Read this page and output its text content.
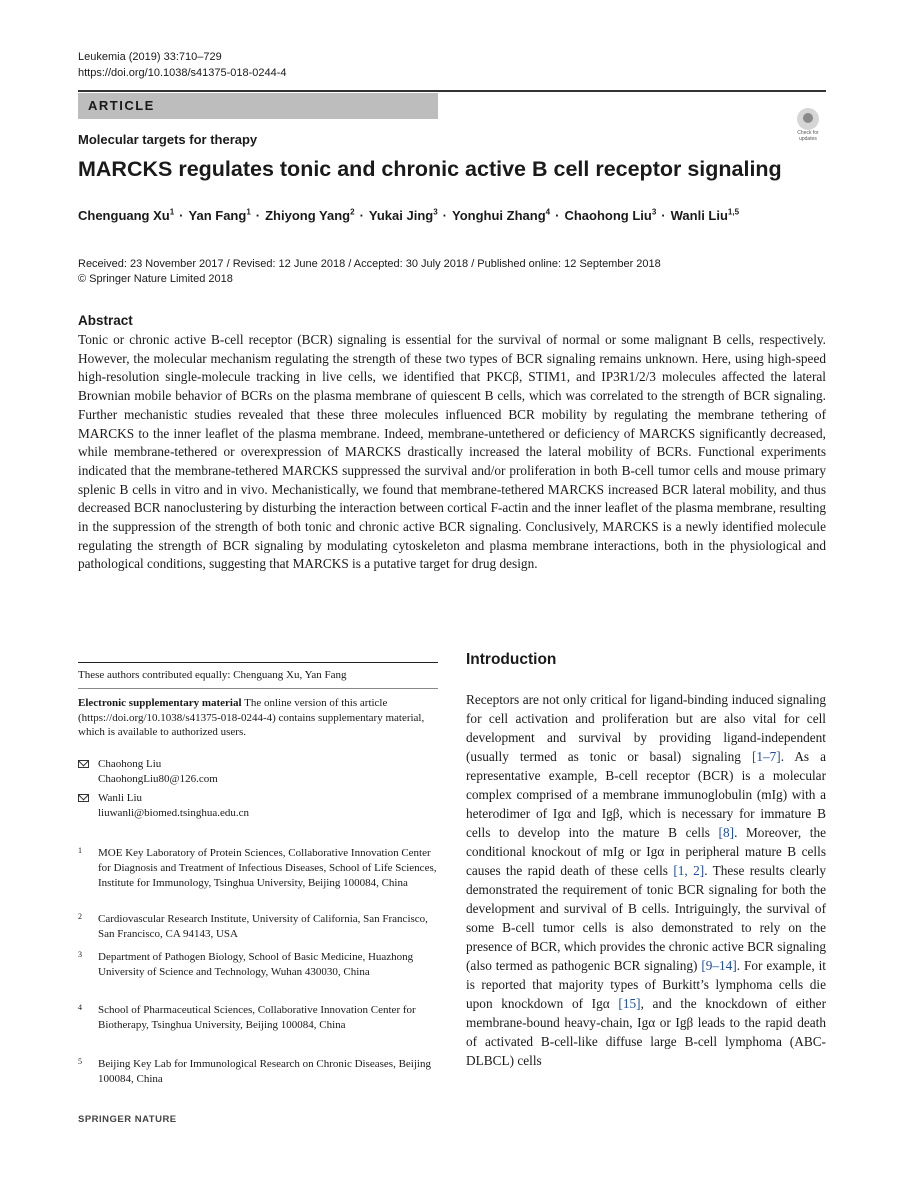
Leukemia (2019) 33:710–729
https://doi.org/10.1038/s41375-018-0244-4
ARTICLE
Check for updates
Molecular targets for therapy
MARCKS regulates tonic and chronic active B cell receptor signaling
Chenguang $Xu^1$ · Yan Fang$^1$ · Zhiyong Yang$^2$ · Yukai Jing$^3$ · Yonghui Zhang$^4$ · Chaohong Liu$^3$ · Wanli Liu$^{1,5}$
Received: 23 November 2017 / Revised: 12 June 2018 / Accepted: 30 July 2018 / Published online: 12 September 2018
© Springer Nature Limited 2018
Abstract

Tonic or chronic active B-cell receptor (BCR) signaling is essential for the survival of normal or some malignant B cells, respectively. However, the molecular mechanism regulating the strength of these two types of BCR signaling remains unknown. Here, using high-speed high-resolution single-molecule tracking in live cells, we identified that PKCβ, STIM1, and IP3R1/2/3 molecules affected the lateral Brownian mobile behavior of BCRs on the plasma membrane of quiescent B cells, which was correlated to the strength of BCR signaling. Further mechanistic studies revealed that these three molecules influenced BCR mobility by regulating the membrane tethering of MARCKS to the inner leaflet of the plasma membrane. Indeed, membrane-untethered or deficiency of MARCKS significantly decreased, while membrane-tethered or overexpression of MARCKS drastically increased the lateral mobility of BCRs. Functional experiments indicated that the membrane-tethered MARCKS suppressed the survival and/or proliferation in both B-cell tumor cells and mouse primary splenic B cells in vitro and in vivo. Mechanistically, we found that membrane-tethered MARCKS increased BCR lateral mobility, and thus decreased BCR nanoclustering by disturbing the interaction between cortical F-actin and the inner leaflet of the plasma membrane, resulting in the suppression of the strength of both tonic and chronic active BCR signaling. Conclusively, MARCKS is a newly identified molecule regulating the strength of BCR signaling by modulating cytoskeleton and plasma membrane interactions, both in the physiological and pathological conditions, suggesting that MARCKS is a putative target for drug design.

These authors contributed equally: Chenguang Xu, Yan Fang

Electronic supplementary material The online version of this article (https://doi.org/10.1038/s41375-018-0244-4) contains supplementary material, which is available to authorized users.

Chaohong Liu
ChaohongLiu80@126.com
Wanli Liu
liuwanli@biomed.tsinghua.edu.cn
1 MOE Key Laboratory of Protein Sciences, Collaborative Innovation Center for Diagnosis and Treatment of Infectious Diseases, School of Life Sciences, Institute for Immunology, Tsinghua University, Beijing 100084, China
2 Cardiovascular Research Institute, University of California, San Francisco, San Francisco, CA 94143, USA
3 Department of Pathogen Biology, School of Basic Medicine, Huazhong University of Science and Technology, Wuhan 430030, China
4 School of Pharmaceutical Sciences, Collaborative Innovation Center for Biotherapy, Tsinghua University, Beijing 100084, China
5 Beijing Key Lab for Immunological Research on Chronic Diseases, Beijing 100084, China
Introduction

Receptors are not only critical for ligand-binding induced signaling for cell activation and proliferation but are also vital for cell development and survival by providing ligand-independent (usually termed as tonic or basal) signaling [1–7]. As a representative example, B-cell receptor (BCR) is a molecular complex comprised of a membrane immunoglobulin (mIg) with a heterodimer of Igα and Igβ, which is necessary for immature B cells to develop into the mature B cells [8]. Moreover, the conditional knockout of mIg or Igα in peripheral mature B cells causes the rapid death of these cells [1, 2]. These results clearly demonstrated the requirement of tonic BCR signaling for both the development and survival of B cells. Intriguingly, the survival of some B-cell tumor cells is also demonstrated to rely on the presence of BCR, which provides the chronic active BCR signaling (also termed as pathogenic BCR signaling) [9–14]. For example, it is reported that majority types of Burkitt’s lymphoma cells die upon knockdown of Igα [15], and the knockdown of either membrane-bound heavy-chain, Igα or Igβ leads to the rapid death of activated B-cell-like diffuse large B-cell lymphoma (ABC-DLBCL) cells

SPRINGER NATURE
